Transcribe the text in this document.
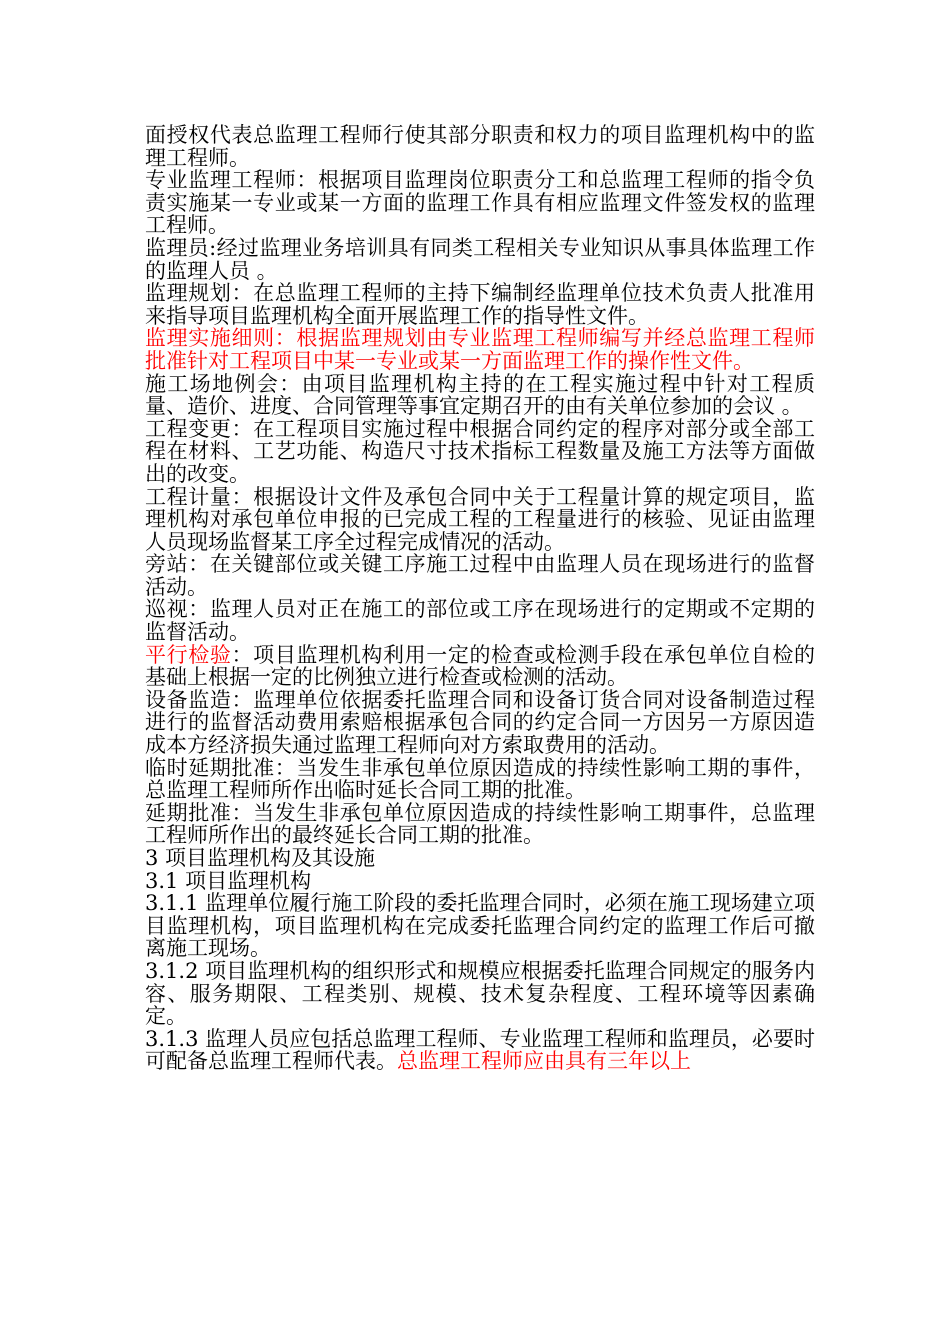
面授权代表总监理工程师行使其部分职责和权力的项目监理机构中的监理工程师。
专业监理工程师：根据项目监理岗位职责分工和总监理工程师的指令负责实施某一专业或某一方面的监理工作具有相应监理文件签发权的监理工程师。
监理员:经过监理业务培训具有同类工程相关专业知识从事具体监理工作的监理人员 。
监理规划：在总监理工程师的主持下编制经监理单位技术负责人批准用来指导项目监理机构全面开展监理工作的指导性文件。
监理实施细则：根据监理规划由专业监理工程师编写并经总监理工程师批准针对工程项目中某一专业或某一方面监理工作的操作性文件。
施工场地例会：由项目监理机构主持的在工程实施过程中针对工程质量、造价、进度、合同管理等事宜定期召开的由有关单位参加的会议 。
工程变更：在工程项目实施过程中根据合同约定的程序对部分或全部工程在材料、工艺功能、构造尺寸技术指标工程数量及施工方法等方面做出的改变。
工程计量：根据设计文件及承包合同中关于工程量计算的规定项目，监理机构对承包单位申报的已完成工程的工程量进行的核验、见证由监理人员现场监督某工序全过程完成情况的活动。
旁站：在关键部位或关键工序施工过程中由监理人员在现场进行的监督活动。
巡视：监理人员对正在施工的部位或工序在现场进行的定期或不定期的监督活动。
平行检验：项目监理机构利用一定的检查或检测手段在承包单位自检的基础上根据一定的比例独立进行检查或检测的活动。
设备监造：监理单位依据委托监理合同和设备订货合同对设备制造过程进行的监督活动费用索赔根据承包合同的约定合同一方因另一方原因造成本方经济损失通过监理工程师向对方索取费用的活动。
临时延期批准：当发生非承包单位原因造成的持续性影响工期的事件，总监理工程师所作出临时延长合同工期的批准。
延期批准：当发生非承包单位原因造成的持续性影响工期事件，总监理工程师所作出的最终延长合同工期的批准。
3 项目监理机构及其设施
3.1 项目监理机构
3.1.1 监理单位履行施工阶段的委托监理合同时，必须在施工现场建立项目监理机构，项目监理机构在完成委托监理合同约定的监理工作后可撤离施工现场。
3.1.2 项目监理机构的组织形式和规模应根据委托监理合同规定的服务内容、服务期限、工程类别、规模、技术复杂程度、工程环境等因素确定。
3.1.3 监理人员应包括总监理工程师、专业监理工程师和监理员，必要时可配备总监理工程师代表。总监理工程师应由具有三年以上
